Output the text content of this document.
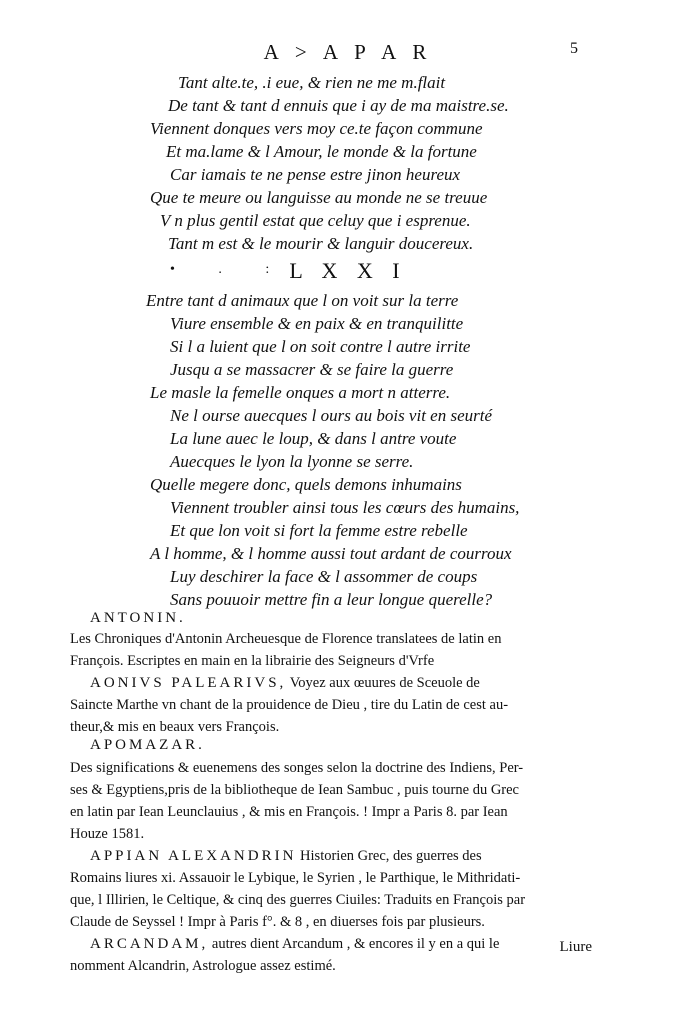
A > A P A R	5
Tant alte.te, .i eue, & rien ne me m.flait
De tant & tant d ennuis que i ay de ma maistre.se.
Viennent donques vers moy ce.te façon commune
Et ma.lame & l Amour, le monde & la fortune
Car iamais te ne pense estre jinon heureux
Que te meure ou languisse au monde ne se treuue
V n plus gentil estat que celuy que i esprenue.
Tant m est & le mourir & languir doucereux.
• . : L X X I
Entre tant d animaux que l on voit sur la terre
Viure ensemble & en paix & en tranquilitte
Si l a luient que l on soit contre l autre irrite
Jusqu a se massacrer & se faire la guerre
Le masle la femelle onques a mort n atterre.
Ne l ourse auecques l ours au bois vit en seurté
La lune auec le loup, & dans l antre voute
Auecques le lyon la lyonne se serre.
Quelle megere donc, quels demons inhumains
Viennent troubler ainsi tous les cœurs des humains,
Et que lon voit si fort la femme estre rebelle
A l homme, & l homme aussi tout ardant de courroux
Luy deschirer la face & l assommer de coups
Sans pouuoir mettre fin a leur longue querelle?
ANTONIN.
Les Chroniques d'Antonin Archeuesque de Florence translatees de latin en
François. Escriptes en main en la librairie des Seigneurs d'Vrfe
AONIVS PALEARIVS, Voyez aux œuures de Sceuole de
Saincte Marthe vn chant de la prouidence de Dieu , tire du Latin de cest au-
theur,& mis en beaux vers François.
APOMAZAR.
Des significations & euenemens des songes selon la doctrine des Indiens, Per-
ses & Egyptiens,pris de la bibliotheque de Iean Sambuc , puis tourne du Grec
en latin par Iean Leunclauius , & mis en François. ! Impr a Paris 8. par Iean
Houze 1581.
APPIAN ALEXANDRIN Historien Grec, des guerres des
Romains liures xi. Assauoir le Lybique, le Syrien , le Parthique, le Mithridati-
que, l Illirien, le Celtique, & cinq des guerres Ciuiles: Traduits en François par
Claude de Seyssel ! Impr à Paris f°. & 8 , en diuerses fois par plusieurs.
ARCANDAM, autres dient Arcandum , & encores il y en a qui le
nomment Alcandrin, Astrologue assez estimé.
Liure
